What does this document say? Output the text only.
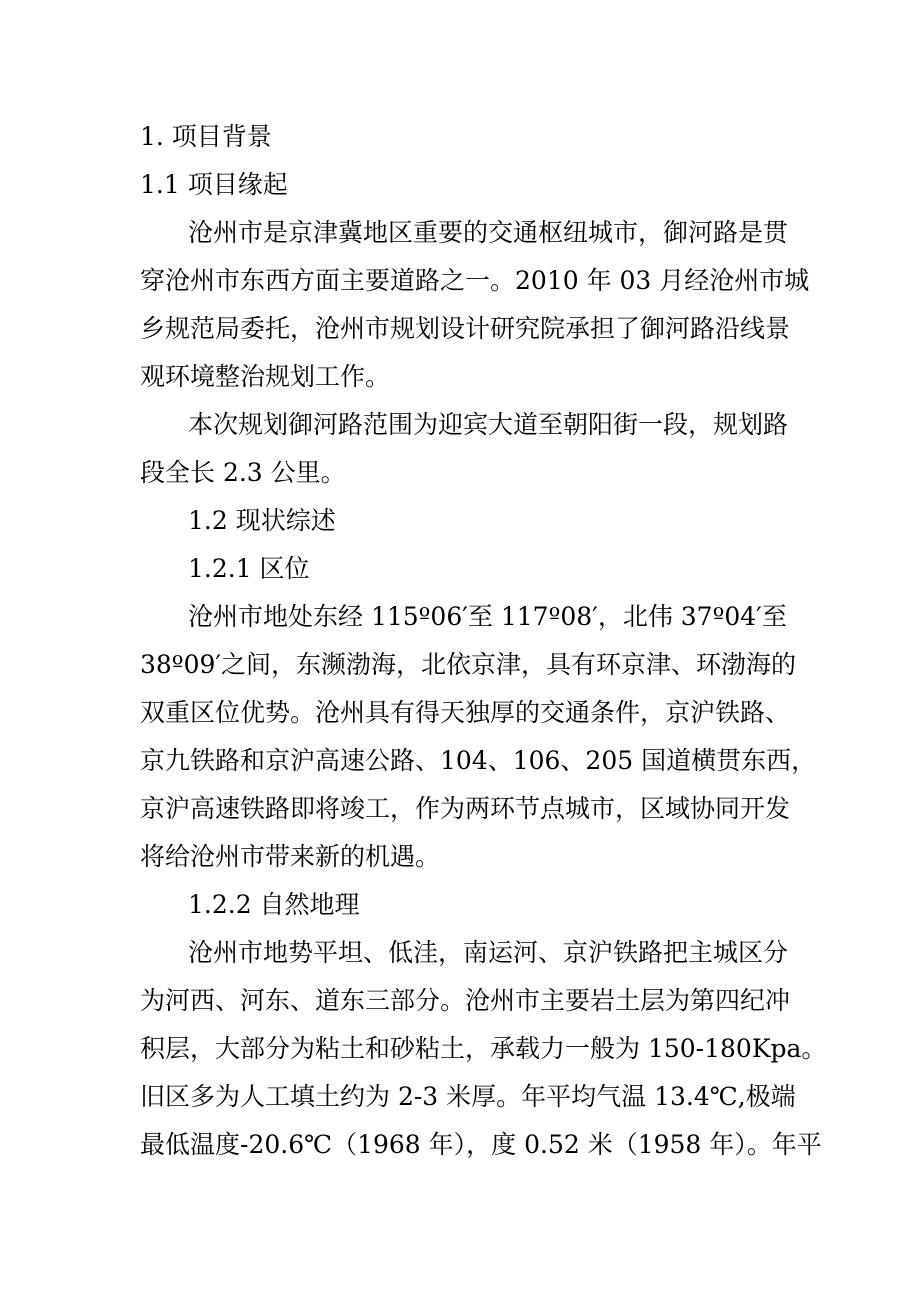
1. 项目背景
1.1 项目缘起
沧州市是京津冀地区重要的交通枢纽城市，御河路是贯
穿沧州市东西方面主要道路之一。2010 年 03 月经沧州市城
乡规范局委托，沧州市规划设计研究院承担了御河路沿线景
观环境整治规划工作。
本次规划御河路范围为迎宾大道至朝阳街一段，规划路
段全长 2.3 公里。
1.2 现状综述
1.2.1 区位
沧州市地处东经 115º06′至 117º08′，北伟 37º04′至
38º09′之间，东濒渤海，北依京津，具有环京津、环渤海的
双重区位优势。沧州具有得天独厚的交通条件，京沪铁路、
京九铁路和京沪高速公路、104、106、205 国道横贯东西，
京沪高速铁路即将竣工，作为两环节点城市，区域协同开发
将给沧州市带来新的机遇。
1.2.2 自然地理
沧州市地势平坦、低洼，南运河、京沪铁路把主城区分
为河西、河东、道东三部分。沧州市主要岩土层为第四纪冲
积层，大部分为粘土和砂粘土，承载力一般为 150-180Kpa。
旧区多为人工填土约为 2-3 米厚。年平均气温 13.4℃,极端
最低温度-20.6℃（1968 年），度 0.52 米（1958 年）。年平
